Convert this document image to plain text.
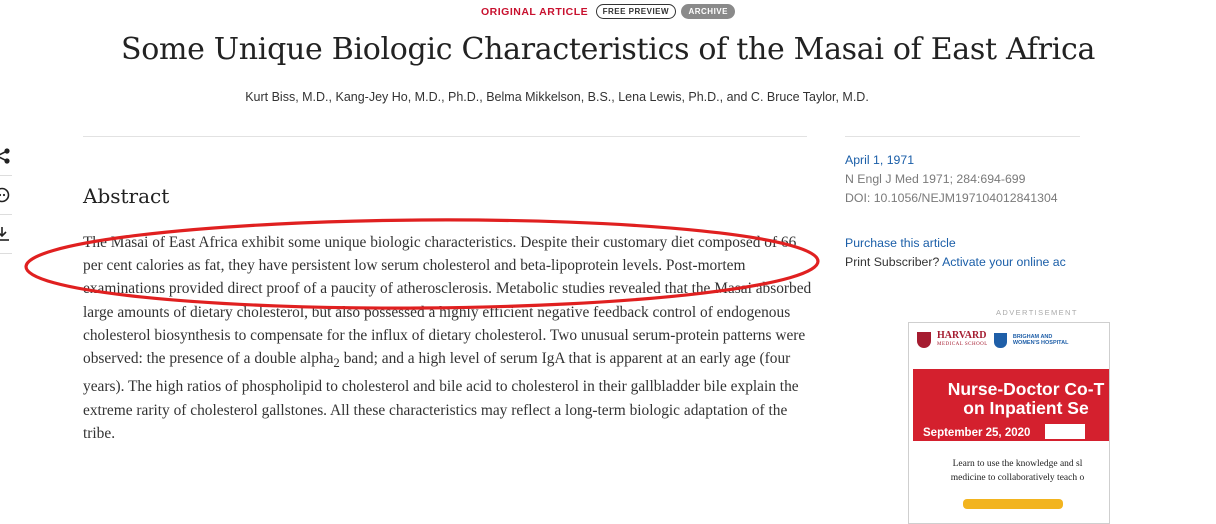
ORIGINAL ARTICLE FREE PREVIEW ARCHIVE
Some Unique Biologic Characteristics of the Masai of East Africa
Kurt Biss, M.D., Kang-Jey Ho, M.D., Ph.D., Belma Mikkelson, B.S., Lena Lewis, Ph.D., and C. Bruce Taylor, M.D.
Abstract

The Masai of East Africa exhibit some unique biologic characteristics. Despite their customary diet composed of 66 per cent calories as fat, they have persistent low serum cholesterol and beta-lipoprotein levels. Post-mortem examinations provided direct proof of a paucity of atherosclerosis. Metabolic studies revealed that the Masai absorbed large amounts of dietary cholesterol, but also possessed a highly efficient negative feedback control of endogenous cholesterol biosynthesis to compensate for the influx of dietary cholesterol. Two unusual serum-protein patterns were observed: the presence of a double alpha$_2$ band; and a high level of serum IgA that is apparent at an early age (four years). The high ratios of phospholipid to cholesterol and bile acid to cholesterol in their gallbladder bile explain the extreme rarity of cholesterol gallstones. All these characteristics may reflect a long-term biologic adaptation of the tribe.

April 1, 1971
N Engl J Med 1971; 284:694-699
DOI: 10.1056/NEJM197104012841304
Purchase this article
Print Subscriber? Activate your online ac
ADVERTISEMENT
HARVARD
MEDICAL SCHOOL
BRIGHAM AND
WOMEN'S HOSPITAL
Nurse-Doctor Co-T
on Inpatient Se
September 25, 2020
Learn to use the knowledge and sl
medicine to collaboratively teach o
